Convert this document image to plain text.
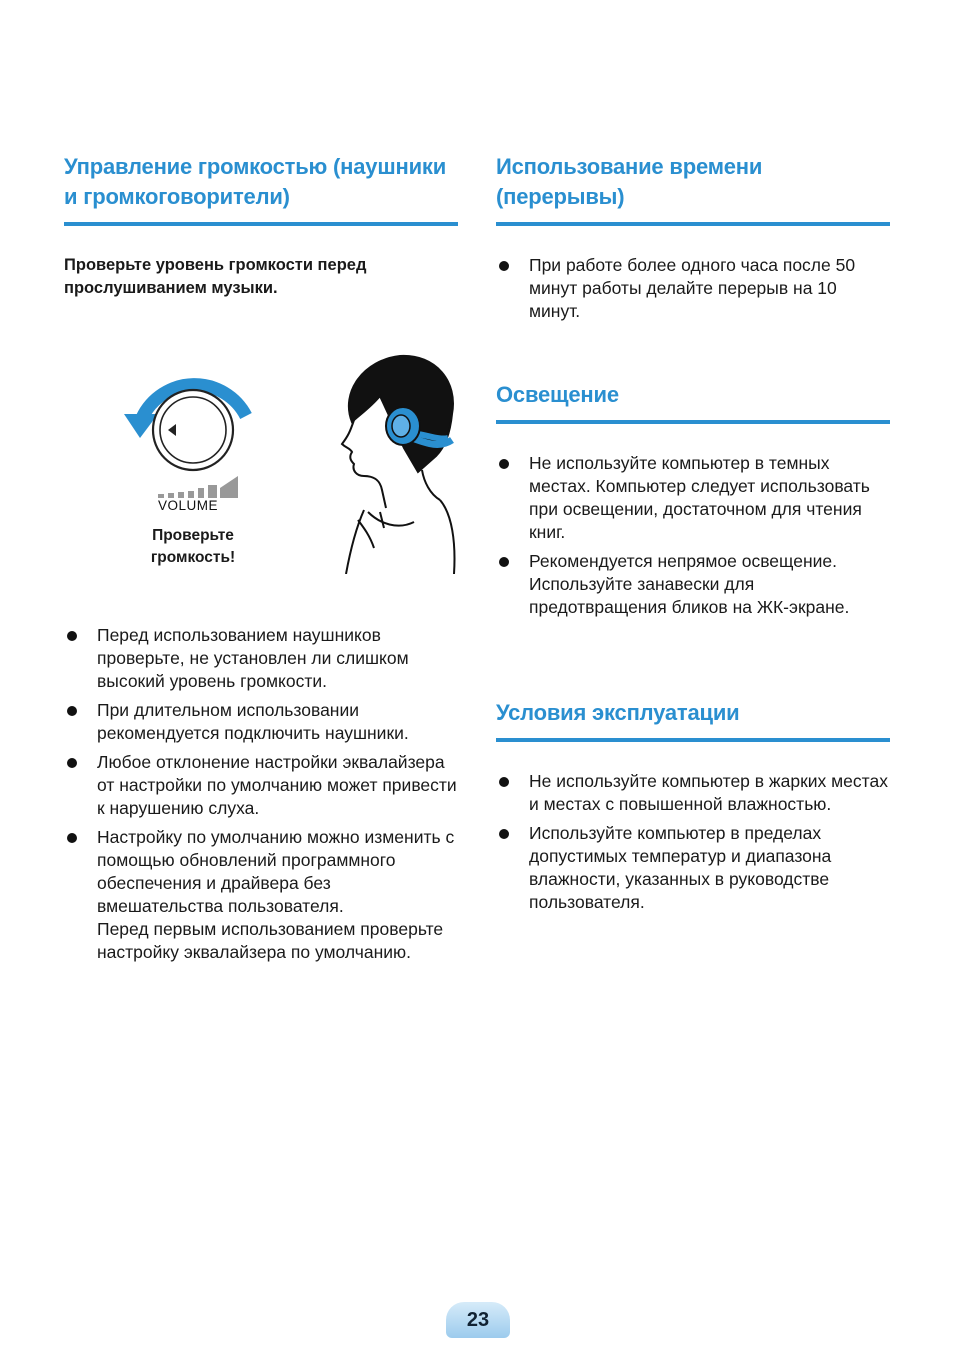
Управление громкостью (наушники и громкоговорители)

Проверьте уровень громкости перед прослушиванием музыки.

VOLUME
Проверьте громкость!
Перед использованием наушников проверьте, не установлен ли слишком высокий уровень громкости.
При длительном использовании рекомендуется подключить наушники.
Любое отклонение настройки эквалайзера от настройки по умолчанию может привести к нарушению слуха.
Настройку по умолчанию можно изменить с помощью обновлений программного обеспечения и драйвера без вмешательства пользователя.
Перед первым использованием проверьте настройку эквалайзера по умолчанию.
Использование времени (перерывы)
При работе более одного часа после 50 минут работы делайте перерыв на 10 минут.
Освещение
Не используйте компьютер в темных местах. Компьютер следует использовать при освещении, достаточном для чтения книг.
Рекомендуется непрямое освещение. Используйте занавески для предотвращения бликов на ЖК-экране.
Условия эксплуатации
Не используйте компьютер в жарких местах и местах с повышенной влажностью.
Используйте компьютер в пределах допустимых температур и диапазона влажности, указанных в руководстве пользователя.
23
